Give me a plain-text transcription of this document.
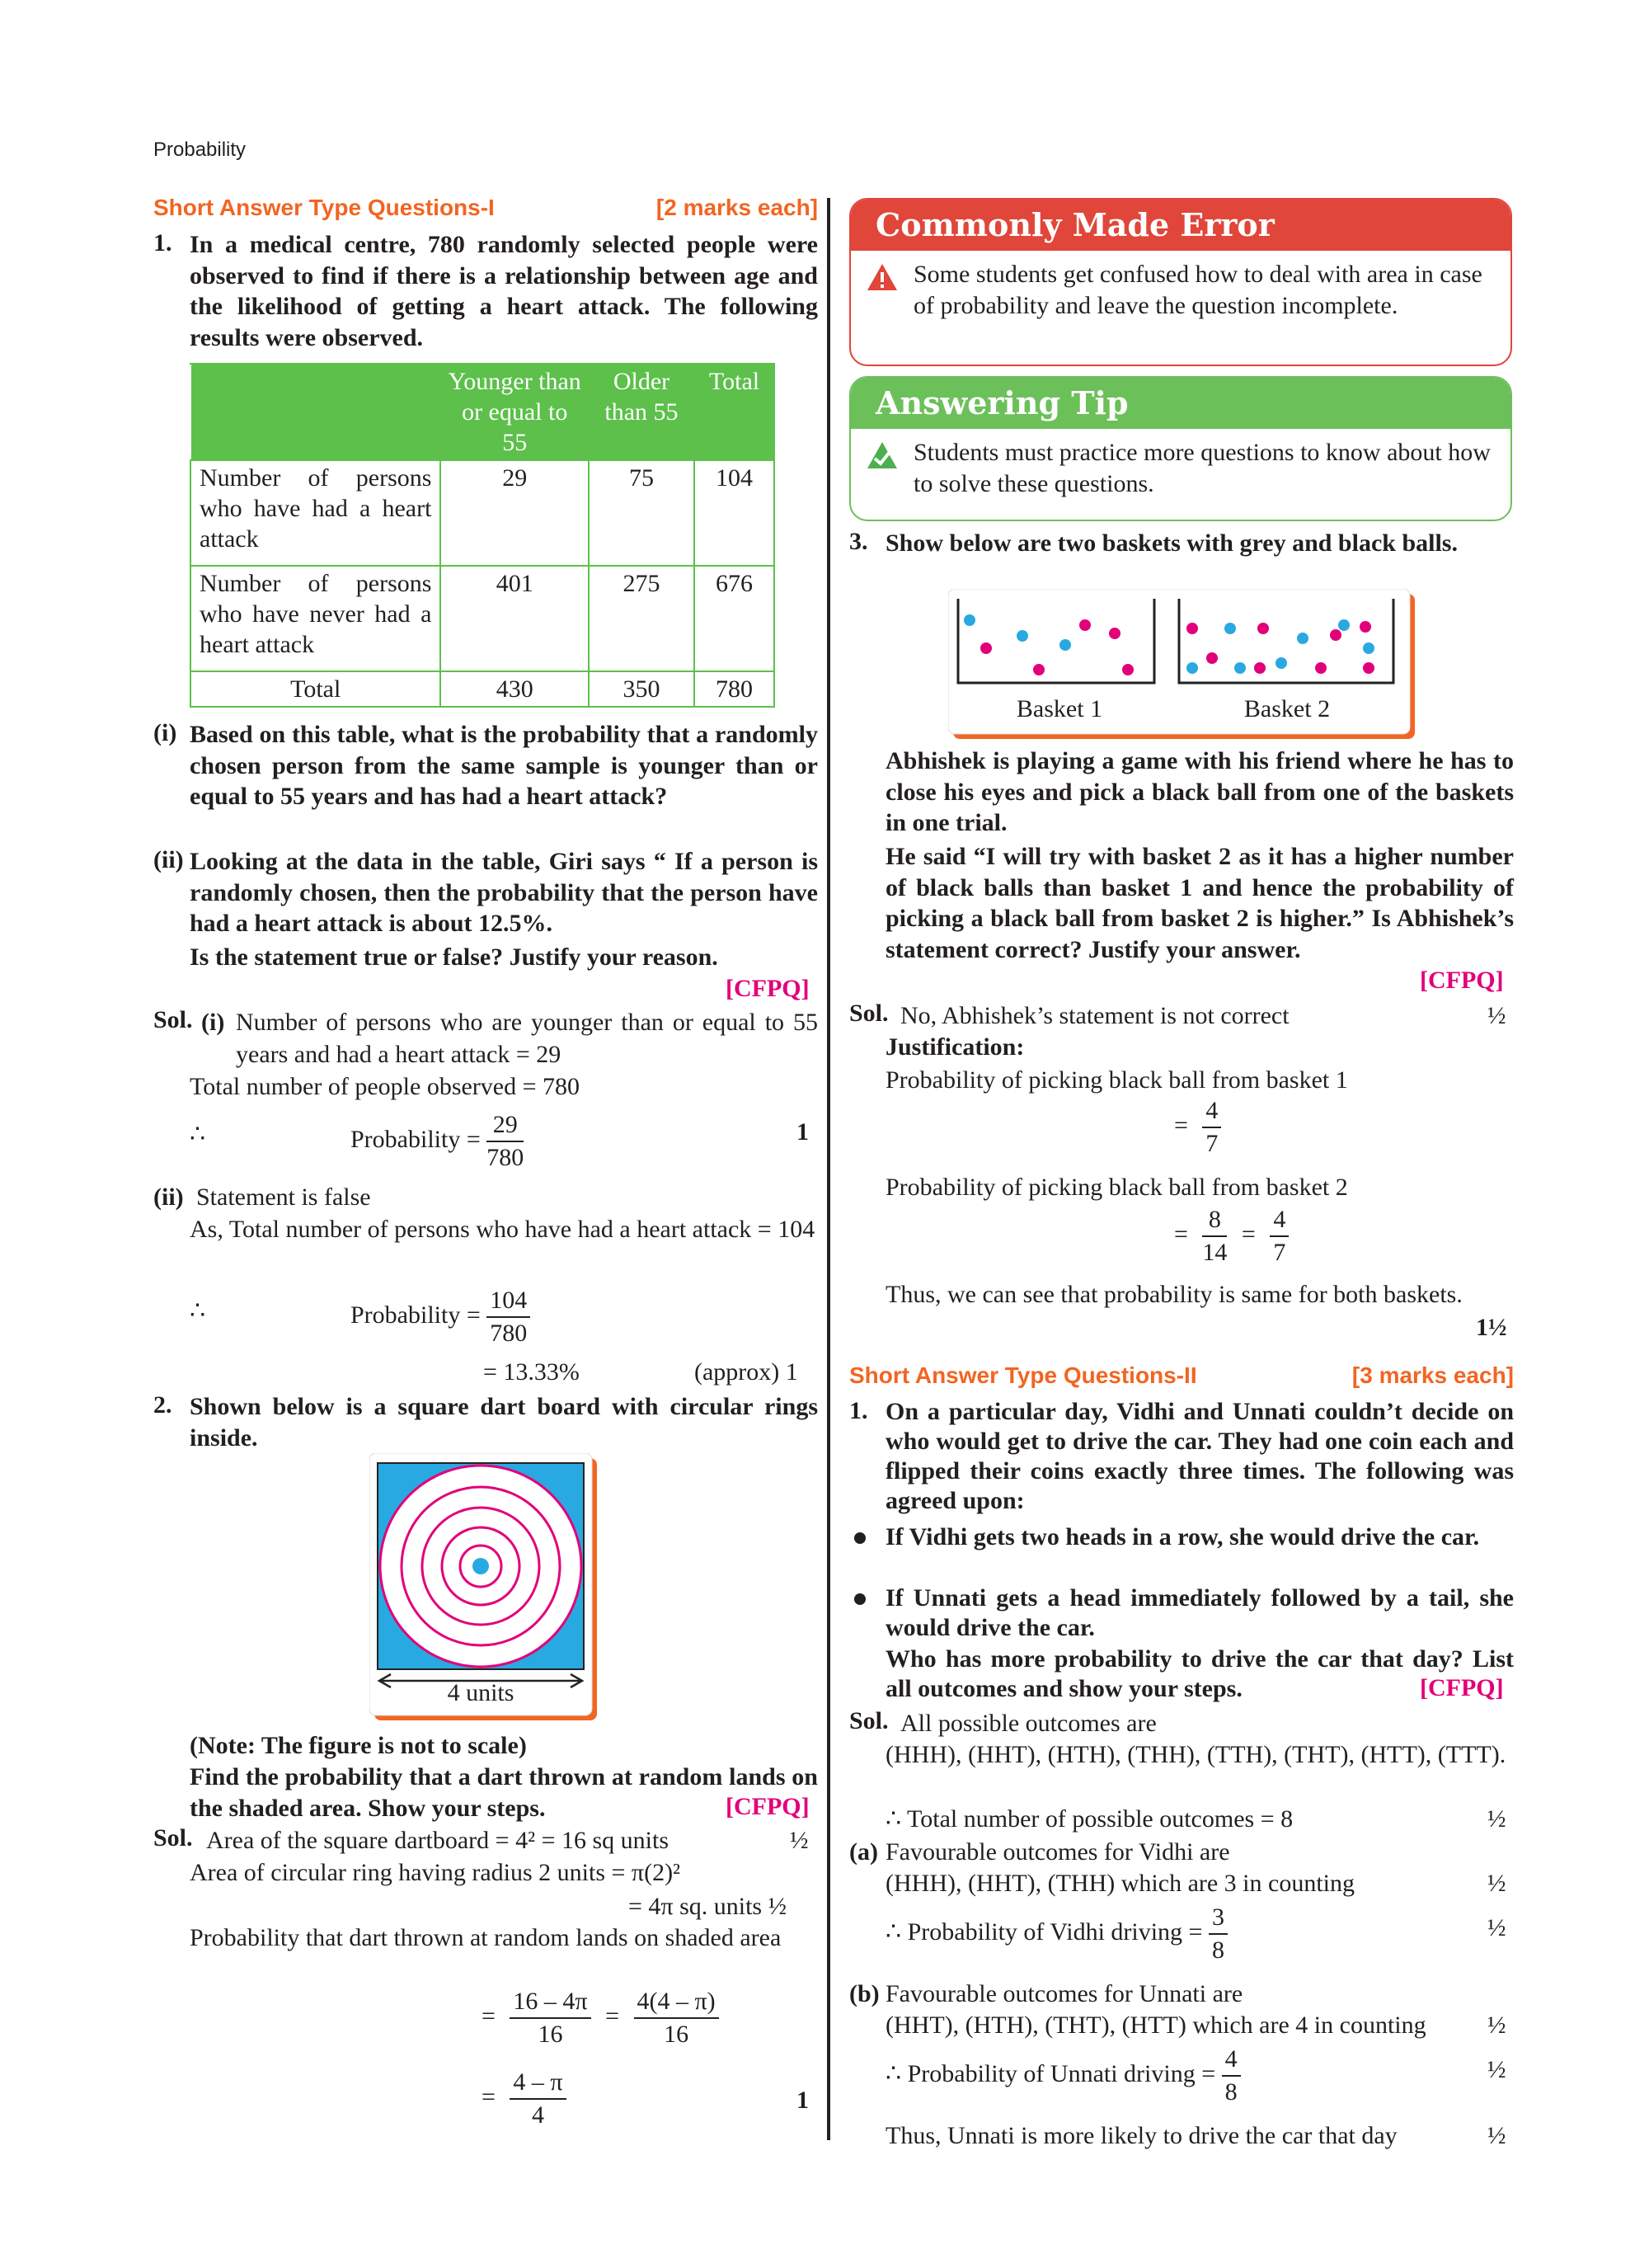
Probability
Short Answer Type Questions-I	[2 marks each]
1. In a medical centre, 780 randomly selected people were observed to find if there is a relationship between age and the likelihood of getting a heart attack. The following results were observed.

	Younger than or equal to 55	Older than 55	Total
Number of persons who have had a heart attack	29	75	104
Number of persons who have never had a heart attack	401	275	676
Total	430	350	780
(i) Based on this table, what is the probability that a randomly chosen person from the same sample is younger than or equal to 55 years and has had a heart attack?

(ii) Looking at the data in the table, Giri says “ If a person is randomly chosen, then the probability that the person have had a heart attack is about 12.5%.

Is the statement true or false? Justify your reason.

[CFPQ]
Sol. (i) Number of persons who are younger than or equal to 55 years and had a heart attack = 29

Total number of people observed = 780

∴	Probability = $\frac{29}{780}$	1
(ii) Statement is false

As, Total number of persons who have had a heart attack = 104

∴	Probability = $\frac{104}{780}$
= 13.33%	(approx) 1
2. Shown below is a square dart board with circular rings inside.

4 units

(Note: The figure is not to scale)

Find the probability that a dart thrown at random lands on the shaded area. Show your steps.	[CFPQ]
Sol. Area of the square dartboard = 4² = 16 sq units	½

Area of circular ring having radius 2 units = π(2)²

= 4π sq. units ½

Probability that dart thrown at random lands on shaded area

= $\frac{16 - 4\pi}{16} = \frac{4(4 - \pi)}{16}$
= $\frac{4 - \pi}{4}$	1
Commonly Made Error

Some students get confused how to deal with area in case of probability and leave the question incomplete.

Answering Tip

Students must practice more questions to know about how to solve these questions.

3. Show below are two baskets with grey and black balls.

Basket 1	Basket 2

Abhishek is playing a game with his friend where he has to close his eyes and pick a black ball from one of the baskets in one trial.

He said “I will try with basket 2 as it has a higher number of black balls than basket 1 and hence the probability of picking a black ball from basket 2 is higher.” Is Abhishek’s statement correct? Justify your answer.

[CFPQ]
Sol. No, Abhishek’s statement is not correct	½

Justification:

Probability of picking black ball from basket 1

= $\frac{4}{7}$

Probability of picking black ball from basket 2

= $\frac{8}{14} = \frac{4}{7}$

Thus, we can see that probability is same for both baskets.

1½
Short Answer Type Questions-II	[3 marks each]
1. On a particular day, Vidhi and Unnati couldn’t decide on who would get to drive the car. They had one coin each and flipped their coins exactly three times. The following was agreed upon:

If Vidhi gets two heads in a row, she would drive the car.

If Unnati gets a head immediately followed by a tail, she would drive the car.

Who has more probability to drive the car that day? List all outcomes and show your steps.	[CFPQ]
Sol. All possible outcomes are

(HHH), (HHT), (HTH), (THH), (TTH), (THT), (HTT), (TTT).

∴ Total number of possible outcomes = 8	½
(a) Favourable outcomes for Vidhi are

(HHH), (HHT), (THH) which are 3 in counting	½
∴ Probability of Vidhi driving = $\frac{3}{8}$	½
(b) Favourable outcomes for Unnati are

(HHT), (HTH), (THT), (HTT) which are 4 in counting ½
∴ Probability of Unnati driving = $\frac{4}{8}$	½

Thus, Unnati is more likely to drive the car that day	½
